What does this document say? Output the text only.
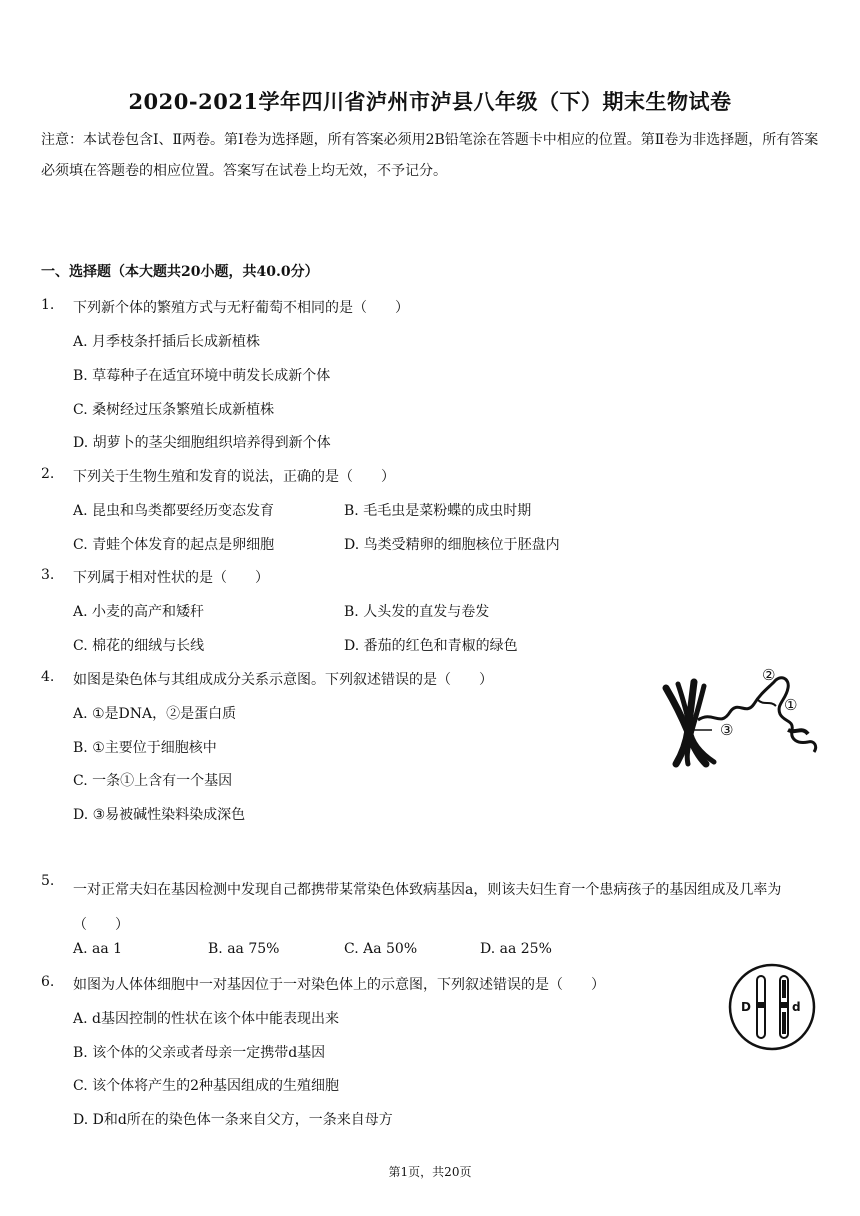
2020-2021学年四川省泸州市泸县八年级（下）期末生物试卷
注意：本试卷包含Ⅰ、Ⅱ两卷。第Ⅰ卷为选择题，所有答案必须用2B铅笔涂在答题卡中相应的位置。第Ⅱ卷为非选择题，所有答案必须填在答题卷的相应位置。答案写在试卷上均无效，不予记分。
一、选择题（本大题共20小题，共40.0分）
1. 下列新个体的繁殖方式与无籽葡萄不相同的是（　　）
A. 月季枝条扦插后长成新植株
B. 草莓种子在适宜环境中萌发长成新个体
C. 桑树经过压条繁殖长成新植株
D. 胡萝卜的茎尖细胞组织培养得到新个体
2. 下列关于生物生殖和发育的说法，正确的是（　　）
A. 昆虫和鸟类都要经历变态发育	B. 毛毛虫是菜粉蝶的成虫时期
C. 青蛙个体发育的起点是卵细胞	D. 鸟类受精卵的细胞核位于胚盘内
3. 下列属于相对性状的是（　　）
A. 小麦的高产和矮秆	B. 人头发的直发与卷发
C. 棉花的细绒与长线	D. 番茄的红色和青椒的绿色
4. 如图是染色体与其组成成分关系示意图。下列叙述错误的是（　　）
A. ①是DNA，②是蛋白质
B. ①主要位于细胞核中
C. 一条①上含有一个基因
D. ③易被碱性染料染成深色
③
②
①
5.
一对正常夫妇在基因检测中发现自己都携带某常染色体致病基因a，则该夫妇生育一个患病孩子的基因组成及几率为（　　）
A. aa 1	B. aa 75%	C. Aa 50%	D. aa 25%
6. 如图为人体体细胞中一对基因位于一对染色体上的示意图，下列叙述错误的是（　　）
A. d基因控制的性状在该个体中能表现出来
B. 该个体的父亲或者母亲一定携带d基因
C. 该个体将产生的2种基因组成的生殖细胞
D. D和d所在的染色体一条来自父方，一条来自母方
D	d
第1页，共20页
